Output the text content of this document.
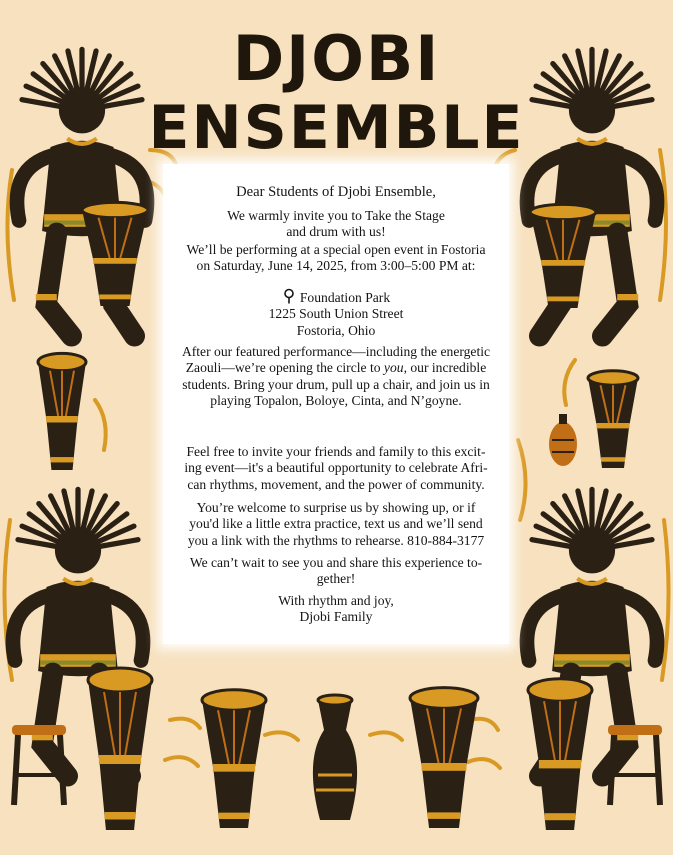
DJOBI
ENSEMBLE

Dear Students of Djobi Ensemble,

We warmly invite you to Take the Stage

and drum with us!

We’ll be performing at a special open event in Fostoria

on Saturday, June 14, 2025, from 3:00–5:00 PM at:

Foundation Park

1225 South Union Street

Fostoria, Ohio

After our featured performance—including the energetic

Zaouli—we’re opening the circle to you, our incredible

students. Bring your drum, pull up a chair, and join us in

playing Topalon, Boloye, Cinta, and N’goyne.

Feel free to invite your friends and family to this excit-

ing event—it's a beautiful opportunity to celebrate Afri-

can rhythms, movement, and the power of community.

You’re welcome to surprise us by showing up, or if

you'd like a little extra practice, text us and we’ll send

you a link with the rhythms to rehearse. 810-884-3177

We can’t wait to see you and share this experience to-

gether!

With rhythm and joy,

Djobi Family
